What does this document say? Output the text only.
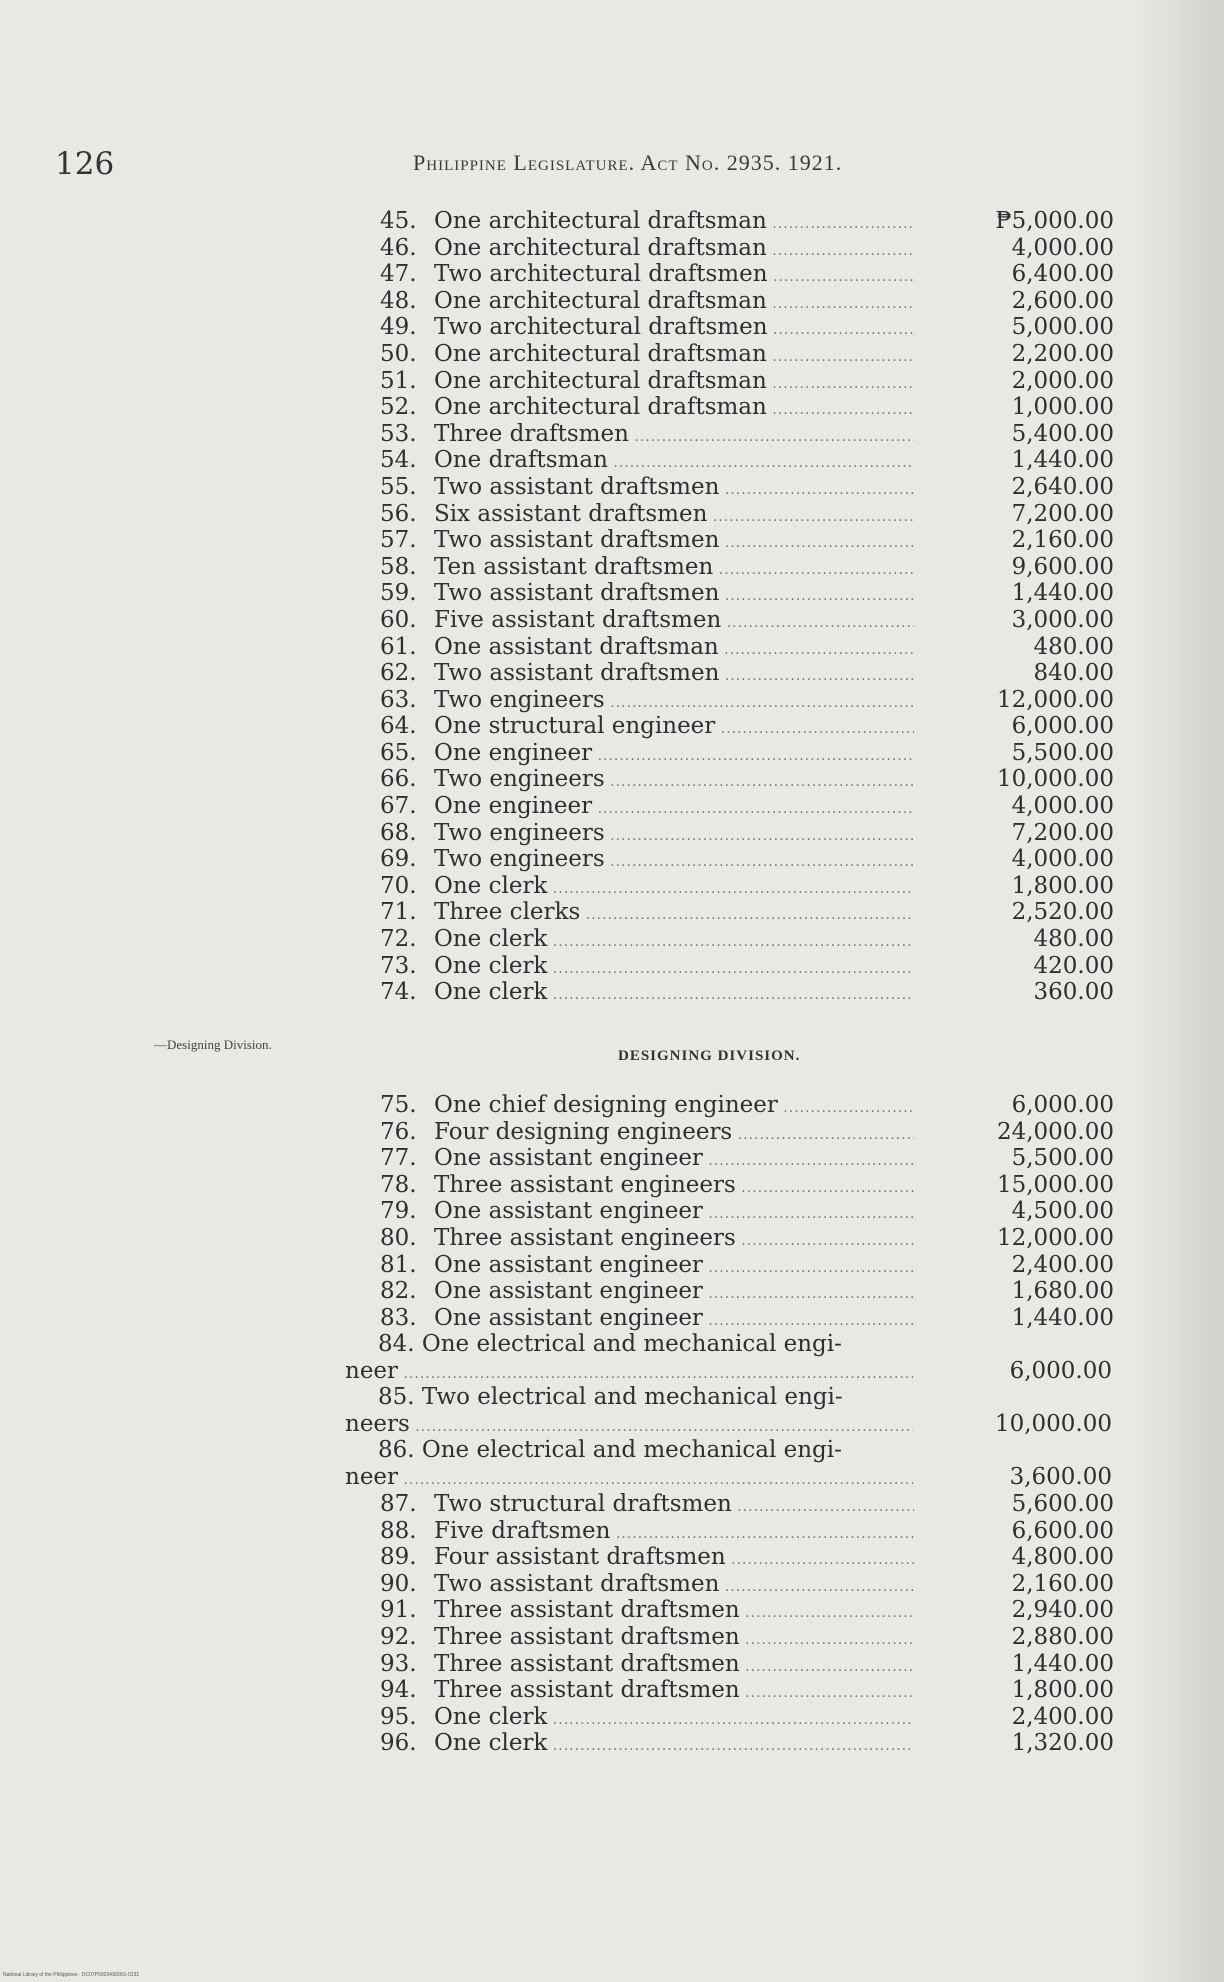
126	Philippine Legislature. Act No. 2935. 1921.
45. One architectural draftsman .....	₱5,000.00
46. One architectural draftsman .....	4,000.00
47. Two architectural draftsmen .....	6,400.00
48. One architectural draftsman .....	2,600.00
49. Two architectural draftsmen .....	5,000.00
50. One architectural draftsman .....	2,200.00
51. One architectural draftsman .....	2,000.00
52. One architectural draftsman .....	1,000.00
53. Three draftsmen .....	5,400.00
54. One draftsman .....	1,440.00
55. Two assistant draftsmen .....	2,640.00
56. Six assistant draftsmen .....	7,200.00
57. Two assistant draftsmen .....	2,160.00
58. Ten assistant draftsmen .....	9,600.00
59. Two assistant draftsmen .....	1,440.00
60. Five assistant draftsmen .....	3,000.00
61. One assistant draftsman .....	480.00
62. Two assistant draftsmen .....	840.00
63. Two engineers .....	12,000.00
64. One structural engineer .....	6,000.00
65. One engineer .....	5,500.00
66. Two engineers .....	10,000.00
67. One engineer .....	4,000.00
68. Two engineers .....	7,200.00
69. Two engineers .....	4,000.00
70. One clerk .....	1,800.00
71. Three clerks .....	2,520.00
72. One clerk .....	480.00
73. One clerk .....	420.00
74. One clerk .....	360.00
—Designing Division.
DESIGNING DIVISION.
75. One chief designing engineer .....	6,000.00
76. Four designing engineers .....	24,000.00
77. One assistant engineer .....	5,500.00
78. Three assistant engineers .....	15,000.00
79. One assistant engineer .....	4,500.00
80. Three assistant engineers .....	12,000.00
81. One assistant engineer .....	2,400.00
82. One assistant engineer .....	1,680.00
83. One assistant engineer .....	1,440.00
84. One electrical and mechanical engi-
neer .....	6,000.00
85. Two electrical and mechanical engi-
neers .....	10,000.00
86. One electrical and mechanical engi-
neer .....	3,600.00
87. Two structural draftsmen .....	5,600.00
88. Five draftsmen .....	6,600.00
89. Four assistant draftsmen .....	4,800.00
90. Two assistant draftsmen .....	2,160.00
91. Three assistant draftsmen .....	2,940.00
92. Three assistant draftsmen .....	2,880.00
93. Three assistant draftsmen .....	1,440.00
94. Three assistant draftsmen .....	1,800.00
95. One clerk .....	2,400.00
96. One clerk .....	1,320.00
National Library of the Philippines · DC07P00034S0001-0131
